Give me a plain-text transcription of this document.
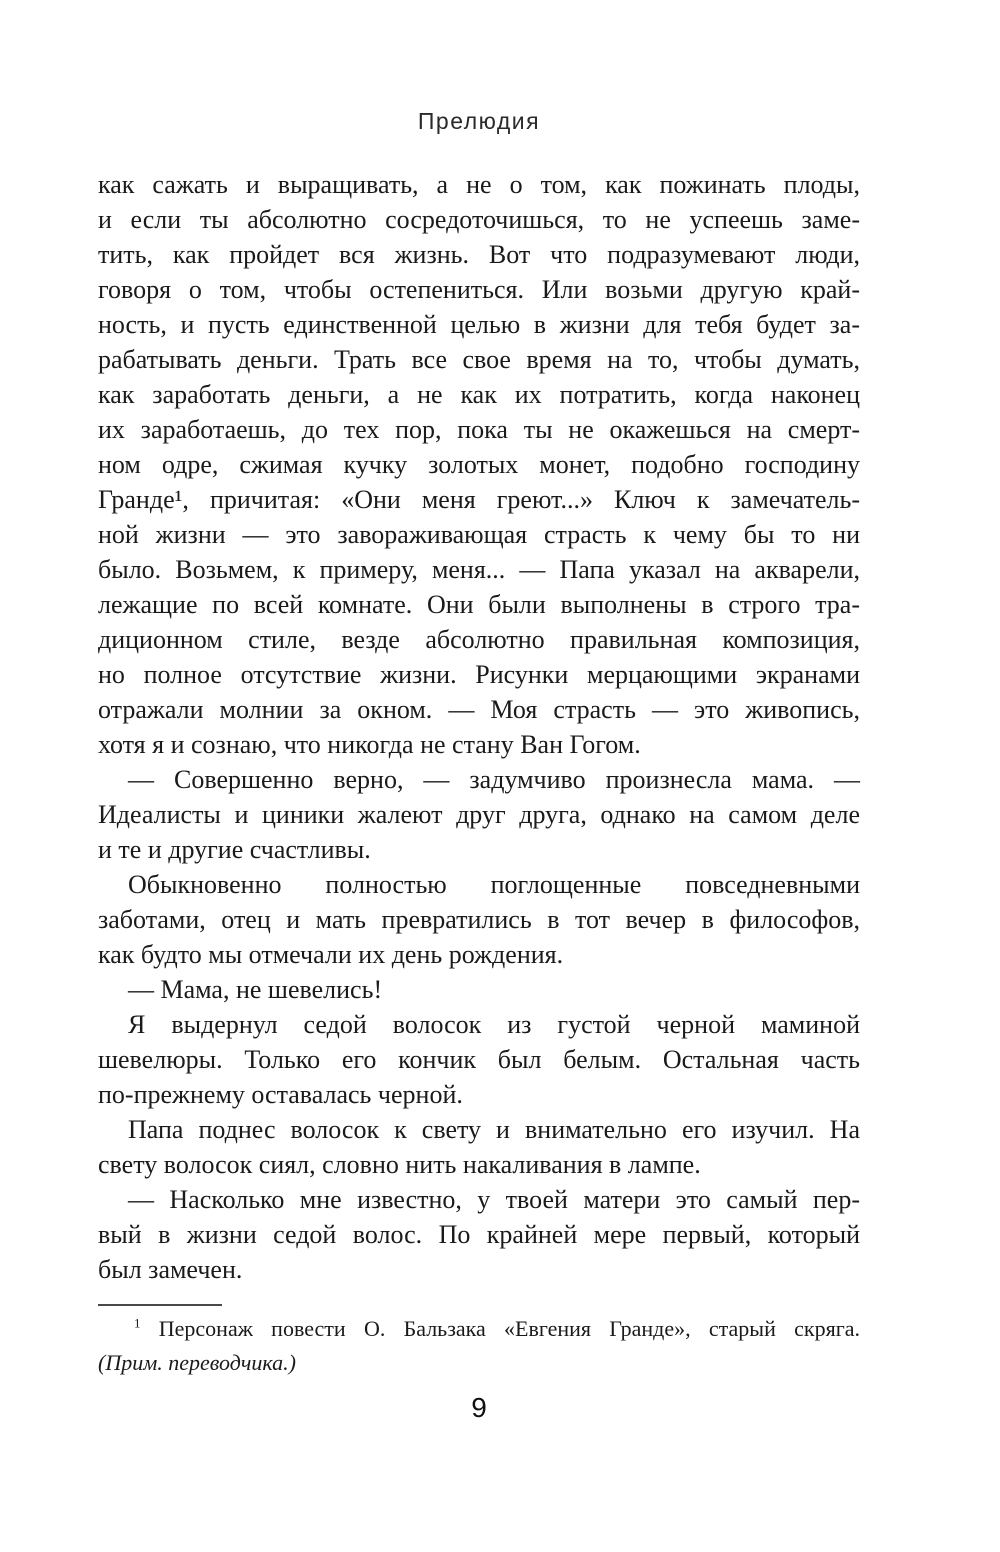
Прелюдия
как сажать и выращивать, а не о том, как пожинать плоды,
и если ты абсолютно сосредоточишься, то не успеешь заме-
тить, как пройдет вся жизнь. Вот что подразумевают люди,
говоря о том, чтобы остепениться. Или возьми другую край-
ность, и пусть единственной целью в жизни для тебя будет за-
рабатывать деньги. Трать все свое время на то, чтобы думать,
как заработать деньги, а не как их потратить, когда наконец
их заработаешь, до тех пор, пока ты не окажешься на смерт-
ном одре, сжимая кучку золотых монет, подобно господину
Гранде¹, причитая: «Они меня греют...» Ключ к замечатель-
ной жизни — это завораживающая страсть к чему бы то ни
было. Возьмем, к примеру, меня... — Папа указал на акварели,
лежащие по всей комнате. Они были выполнены в строго тра-
диционном стиле, везде абсолютно правильная композиция,
но полное отсутствие жизни. Рисунки мерцающими экранами
отражали молнии за окном. — Моя страсть — это живопись,
хотя я и сознаю, что никогда не стану Ван Гогом.
— Совершенно верно, — задумчиво произнесла мама. —
Идеалисты и циники жалеют друг друга, однако на самом деле
и те и другие счастливы.
Обыкновенно полностью поглощенные повседневными
заботами, отец и мать превратились в тот вечер в философов,
как будто мы отмечали их день рождения.
— Мама, не шевелись!
Я выдернул седой волосок из густой черной маминой
шевелюры. Только его кончик был белым. Остальная часть
по-прежнему оставалась черной.
Папа поднес волосок к свету и внимательно его изучил. На
свету волосок сиял, словно нить накаливания в лампе.
— Насколько мне известно, у твоей матери это самый пер-
вый в жизни седой волос. По крайней мере первый, который
был замечен.
$^1$ Персонаж повести О. Бальзака «Евгения Гранде», старый скряга.
(Прим. переводчика.)
9
